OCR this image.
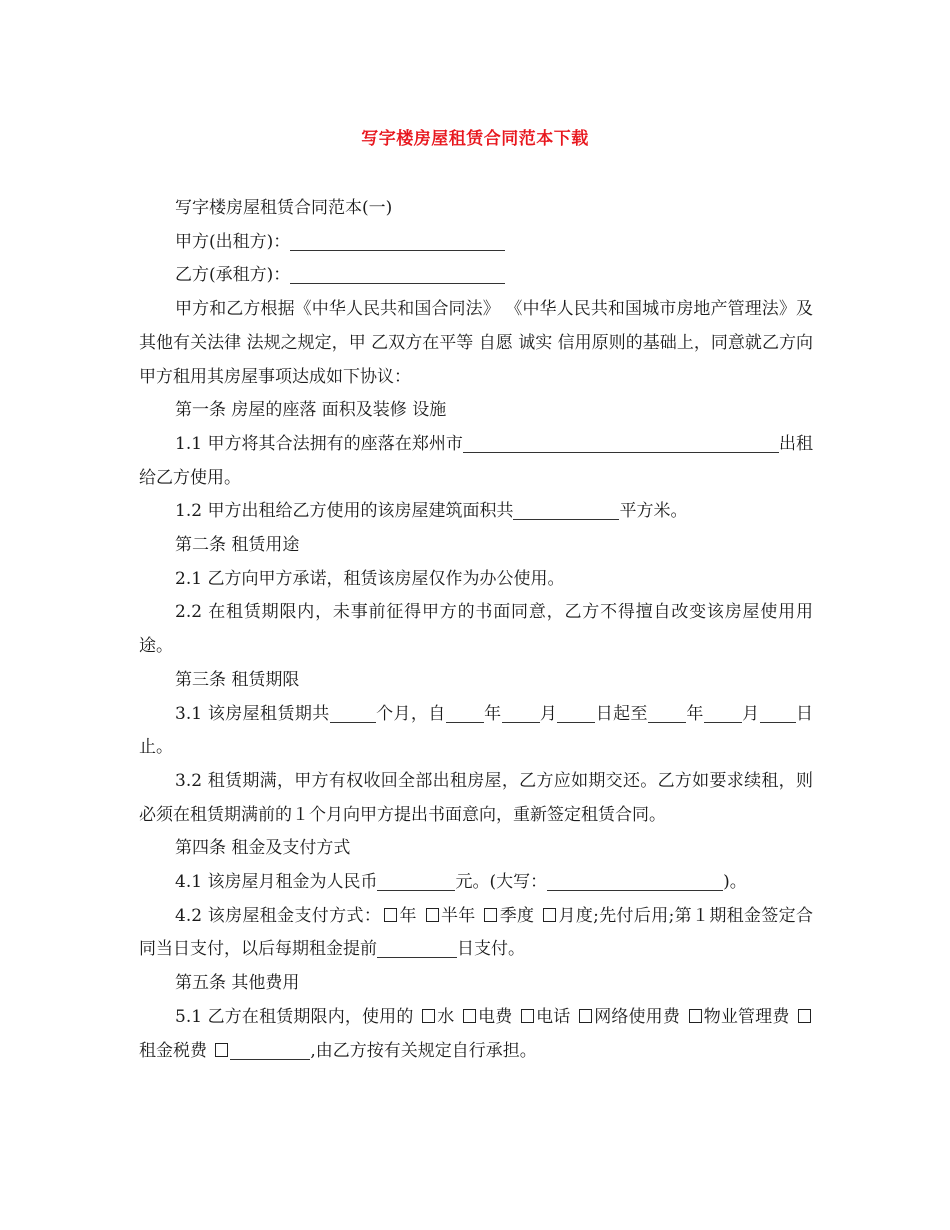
写字楼房屋租赁合同范本下载

写字楼房屋租赁合同范本(一)

甲方(出租方)：

乙方(承租方)：

甲方和乙方根据《中华人民共和国合同法》 《中华人民共和国城市房地产管理法》及其他有关法律 法规之规定，甲 乙双方在平等 自愿 诚实 信用原则的基础上，同意就乙方向甲方租用其房屋事项达成如下协议：

第一条 房屋的座落 面积及装修 设施

1.1 甲方将其合法拥有的座落在郑州市	出租给乙方使用。

1.2 甲方出租给乙方使用的该房屋建筑面积共	平方米。

第二条 租赁用途

2.1 乙方向甲方承诺，租赁该房屋仅作为办公使用。

2.2 在租赁期限内，未事前征得甲方的书面同意，乙方不得擅自改变该房屋使用用途。

第三条 租赁期限

3.1 该房屋租赁期共	个月，自 年 月 日起至 年 月 日止。

3.2 租赁期满，甲方有权收回全部出租房屋，乙方应如期交还。乙方如要求续租，则必须在租赁期满前的１个月向甲方提出书面意向，重新签定租赁合同。

第四条 租金及支付方式

4.1 该房屋月租金为人民币	元。(大写：	)。

4.2 该房屋租金支付方式： 年 半年 季度 月度;先付后用;第１期租金签定合同当日支付，以后每期租金提前	日支付。

第五条 其他费用

5.1 乙方在租赁期限内，使用的 水 电费 电话 网络使用费 物业管理费 租金税费	,由乙方按有关规定自行承担。
